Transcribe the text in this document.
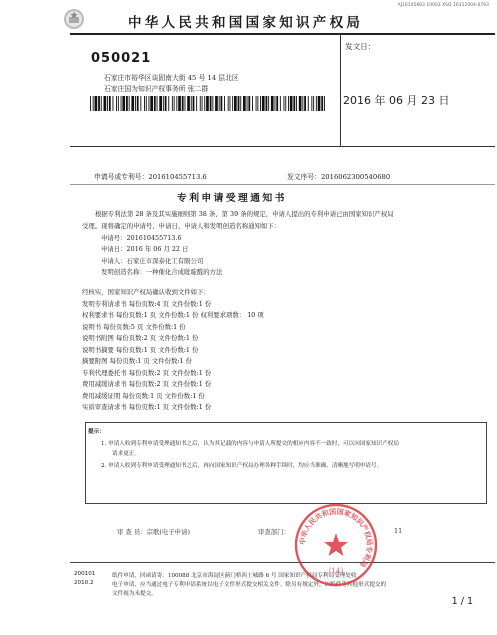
AJ16105803 10003 XSQ 16111004-0793
中华人民共和国国家知识产权局
050021
石家庄市裕华区谈固南大街 45 号 14 层北区
石家庄国为知识产权事务所 张二群
发文日：
2016 年 06 月 23 日
申请号或专利号：201610455713.6	发文序号：2016062300540680
专利申请受理通知书
根据专利法第 28 条及其实施细则第 38 条、第 39 条的规定，申请人提出的专利申请已由国家知识产权局
受理。现将确定的申请号、申请日、申请人和发明创造名称通知如下：
申请号：201610455713.6
申请日：2016 年 06 月 22 日
申请人：石家庄市深泰化工有限公司
发明创造名称：一种催化合成吡啶醛的方法
经核实，国家知识产权局确认收到文件如下：
发明专利请求书 每份页数:4 页 文件份数:1 份
权利要求书 每份页数:1 页 文件份数:1 份 权利要求项数： 10 项
说明书 每份页数:5 页 文件份数:1 份
说明书附图 每份页数:2 页 文件份数:1 份
说明书摘要 每份页数:1 页 文件份数:1 份
摘要附图 每份页数:1 页 文件份数:1 份
专利代理委托书 每份页数:2 页 文件份数:1 份
费用减缓请求书 每份页数:2 页 文件份数:1 份
费用减缓证明 每份页数:1 页 文件份数:1 份
实质审查请求书 每份页数:1 页 文件份数:1 份
提示：
1. 申请人收到专利申请受理通知书之后，认为其记载的内容与申请人所提交的相应内容不一致时，可以向国家知识产权局
请求更正。
2. 申请人收到专利申请受理通知书之后，再向国家知识产权局办理各种手续时，均应当准确、清晰地写明申请号。
审 查 员：宗歌(电子申请)	审查部门：	11
200101
2010.2
纸件申请，回函请寄：100088 北京市海淀区蓟门桥西土城路 6 号 国家知识产权局专利局受理处收
电子申请，应当通过电子专利申请系统以电子文件形式提交相关文件。除另有规定外，以纸件等其他形式提交的
文件视为未提交。
1 / 1
中华人民共和国国家知识产权局专利局
(14)
